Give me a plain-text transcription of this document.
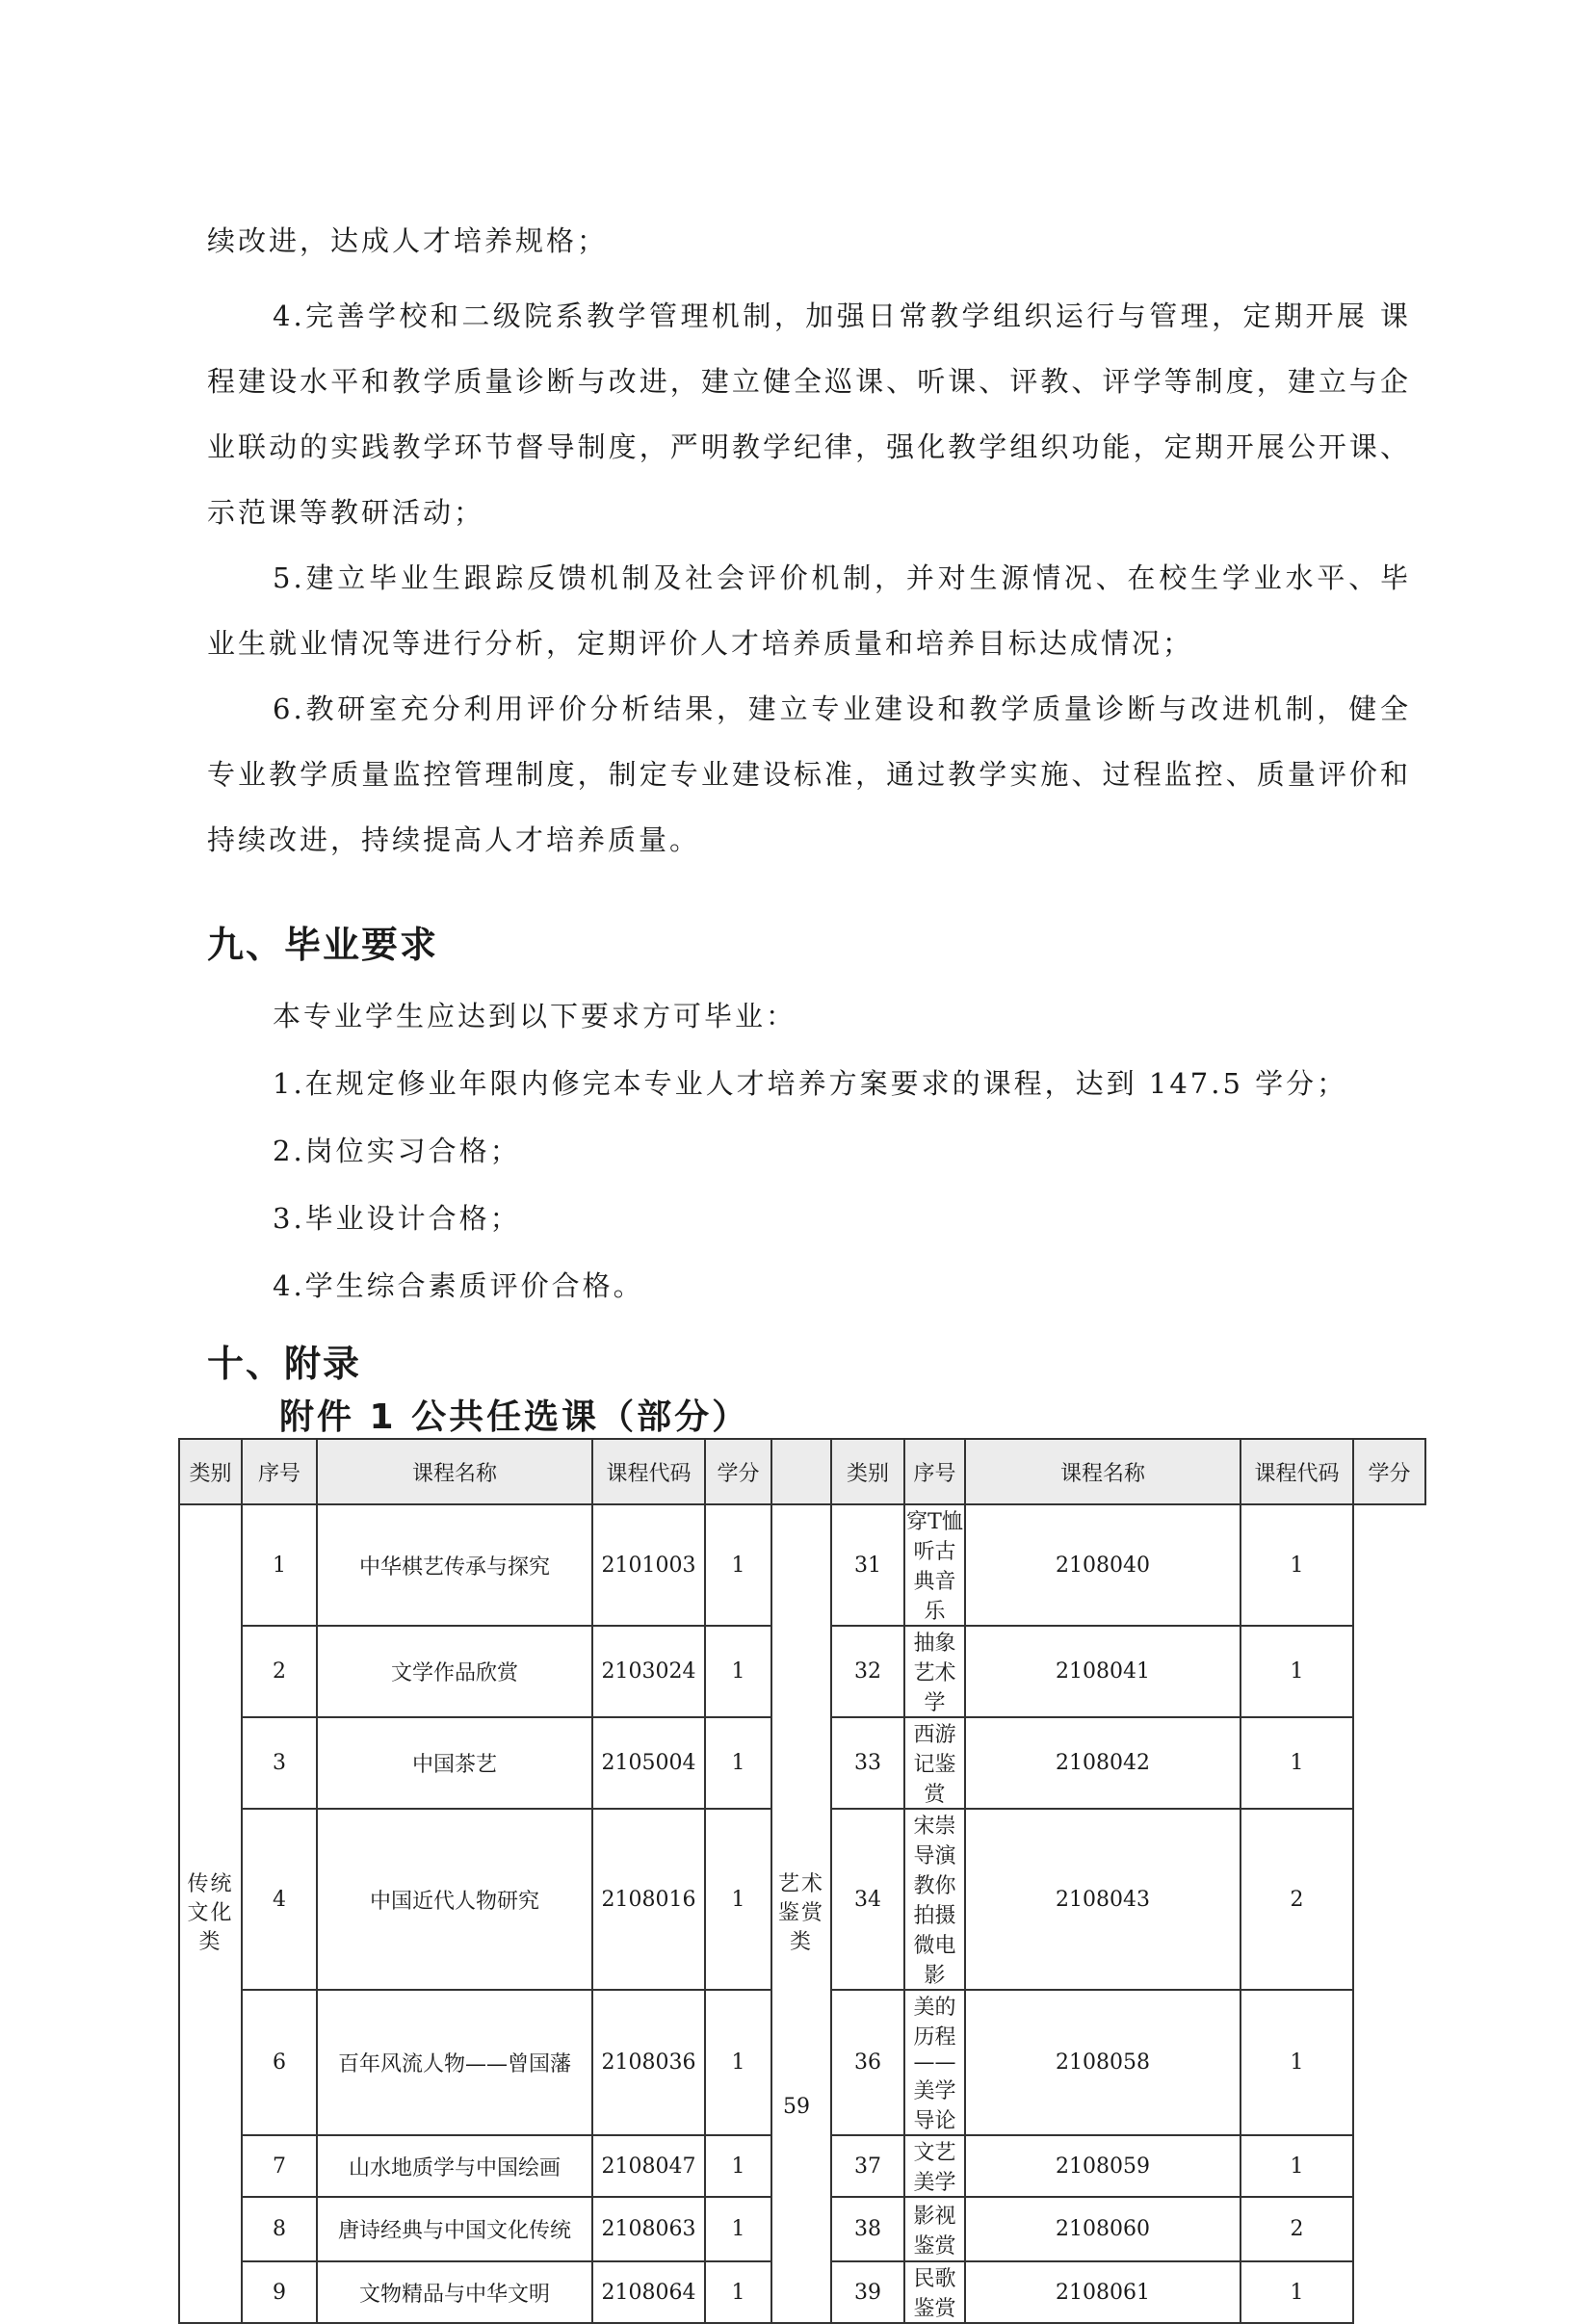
续改进，达成人才培养规格；
4.完善学校和二级院系教学管理机制，加强日常教学组织运行与管理，定期开展 课程建设水平和教学质量诊断与改进，建立健全巡课、听课、评教、评学等制度，建立与企 业联动的实践教学环节督导制度，严明教学纪律，强化教学组织功能，定期开展公开课、示范课等教研活动；
5.建立毕业生跟踪反馈机制及社会评价机制，并对生源情况、在校生学业水平、毕业生就业情况等进行分析，定期评价人才培养质量和培养目标达成情况；
6.教研室充分利用评价分析结果，建立专业建设和教学质量诊断与改进机制，健全专业教学质量监控管理制度，制定专业建设标准，通过教学实施、过程监控、质量评价和持续改进，持续提高人才培养质量。
九、毕业要求
本专业学生应达到以下要求方可毕业：
1.在规定修业年限内修完本专业人才培养方案要求的课程，达到 147.5 学分；
2.岗位实习合格；
3.毕业设计合格；
4.学生综合素质评价合格。
十、附录
附件 1 公共任选课（部分）
类别	序号	课程名称	课程代码	学分		类别	序号	课程名称	课程代码	学分
传统文化类	1	中华棋艺传承与探究	2101003	1	艺术鉴赏类	31	穿T恤听古典音乐	2108040	1	
	2	文学作品欣赏	2103024	1		32	抽象艺术学	2108041	1	
	3	中国茶艺	2105004	1		33	西游记鉴赏	2108042	1	
	4	中国近代人物研究	2108016	1		34	宋崇导演教你拍摄微电影	2108043	2	
	6	百年风流人物——曾国藩	2108036	1		36	美的历程——美学导论	2108058	1	
	7	山水地质学与中国绘画	2108047	1		37	文艺美学	2108059	1	
	8	唐诗经典与中国文化传统	2108063	1		38	影视鉴赏	2108060	2	
	9	文物精品与中华文明	2108064	1		39	民歌鉴赏	2108061	1	
59
